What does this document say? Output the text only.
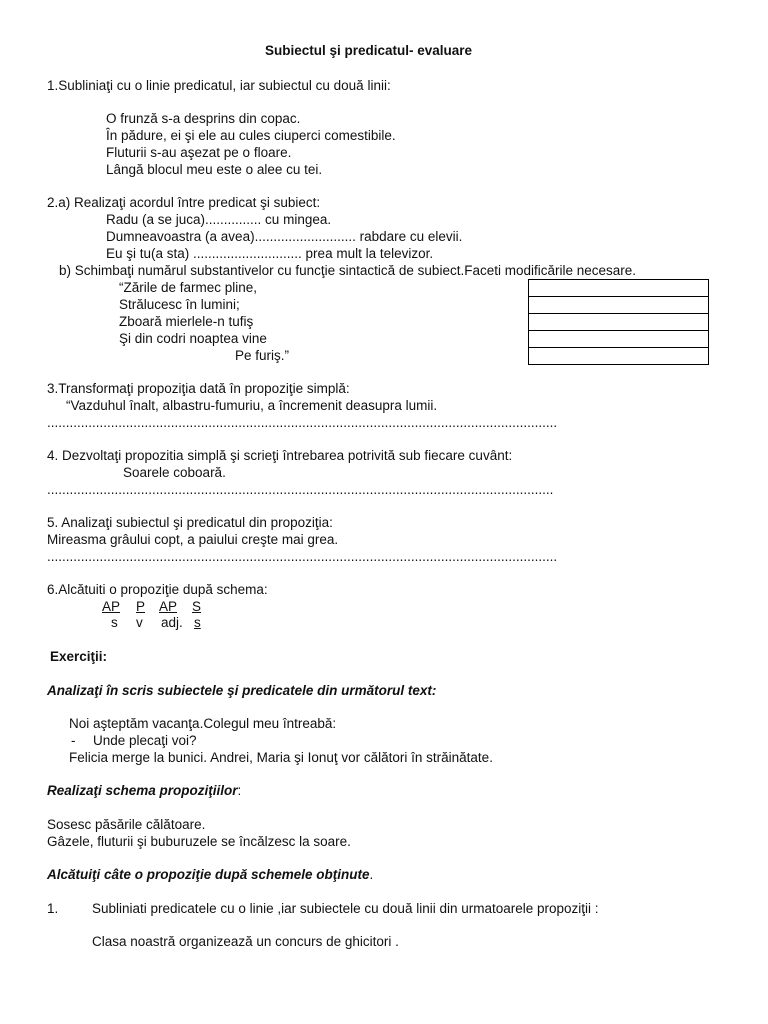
Subiectul şi predicatul- evaluare
1.Subliniaţi cu o linie predicatul, iar subiectul cu două linii:
O frunză s-a desprins din copac.
În pădure, ei şi ele au cules ciuperci comestibile.
Fluturii s-au aşezat pe o floare.
Lângă blocul meu este o alee cu tei.
2.a) Realizaţi acordul între predicat şi subiect:
Radu (a se juca)............... cu mingea.
Dumneavoastra (a avea)........................... rabdare cu elevii.
Eu şi tu(a sta) ............................. prea mult la televizor.
b) Schimbaţi numărul substantivelor cu funcţie sintactică de subiect.Faceti modificările necesare.
“Zările de farmec pline,
Strălucesc în lumini;
Zboară mierlele-n tufiş
Şi din codri noaptea vine
Pe furiş.”
3.Transformaţi propoziţia dată în propoziţie simplă:
“Vazduhul înalt, albastru-fumuriu, a încremenit deasupra lumii.
........................................................................................................................................
4. Dezvoltaţi propozitia simplă şi scrieţi întrebarea potrivită sub fiecare cuvânt:
Soarele coboară.
.......................................................................................................................................
5. Analizaţi subiectul şi predicatul din propoziţia:
Mireasma grâului copt, a paiului creşte mai grea.
........................................................................................................................................
6.Alcătuiti o propoziţie după schema:
AP P AP S
s v adj. s
Exerciţii:
Analizaţi în scris subiectele şi predicatele din următorul text:
Noi aşteptăm vacanţa.Colegul meu întreabă:
- Unde plecaţi voi?
Felicia merge la bunici. Andrei, Maria şi Ionuţ vor călători în străinătate.
Realizaţi schema propoziţiilor:
Sosesc păsările călătoare.
Gâzele, fluturii şi buburuzele se încălzesc la soare.
Alcătuiţi câte o propoziţie după schemele obţinute.
1. Subliniati predicatele cu o linie ,iar subiectele cu două linii din urmatoarele propoziţii :
Clasa noastră organizează un concurs de ghicitori .
